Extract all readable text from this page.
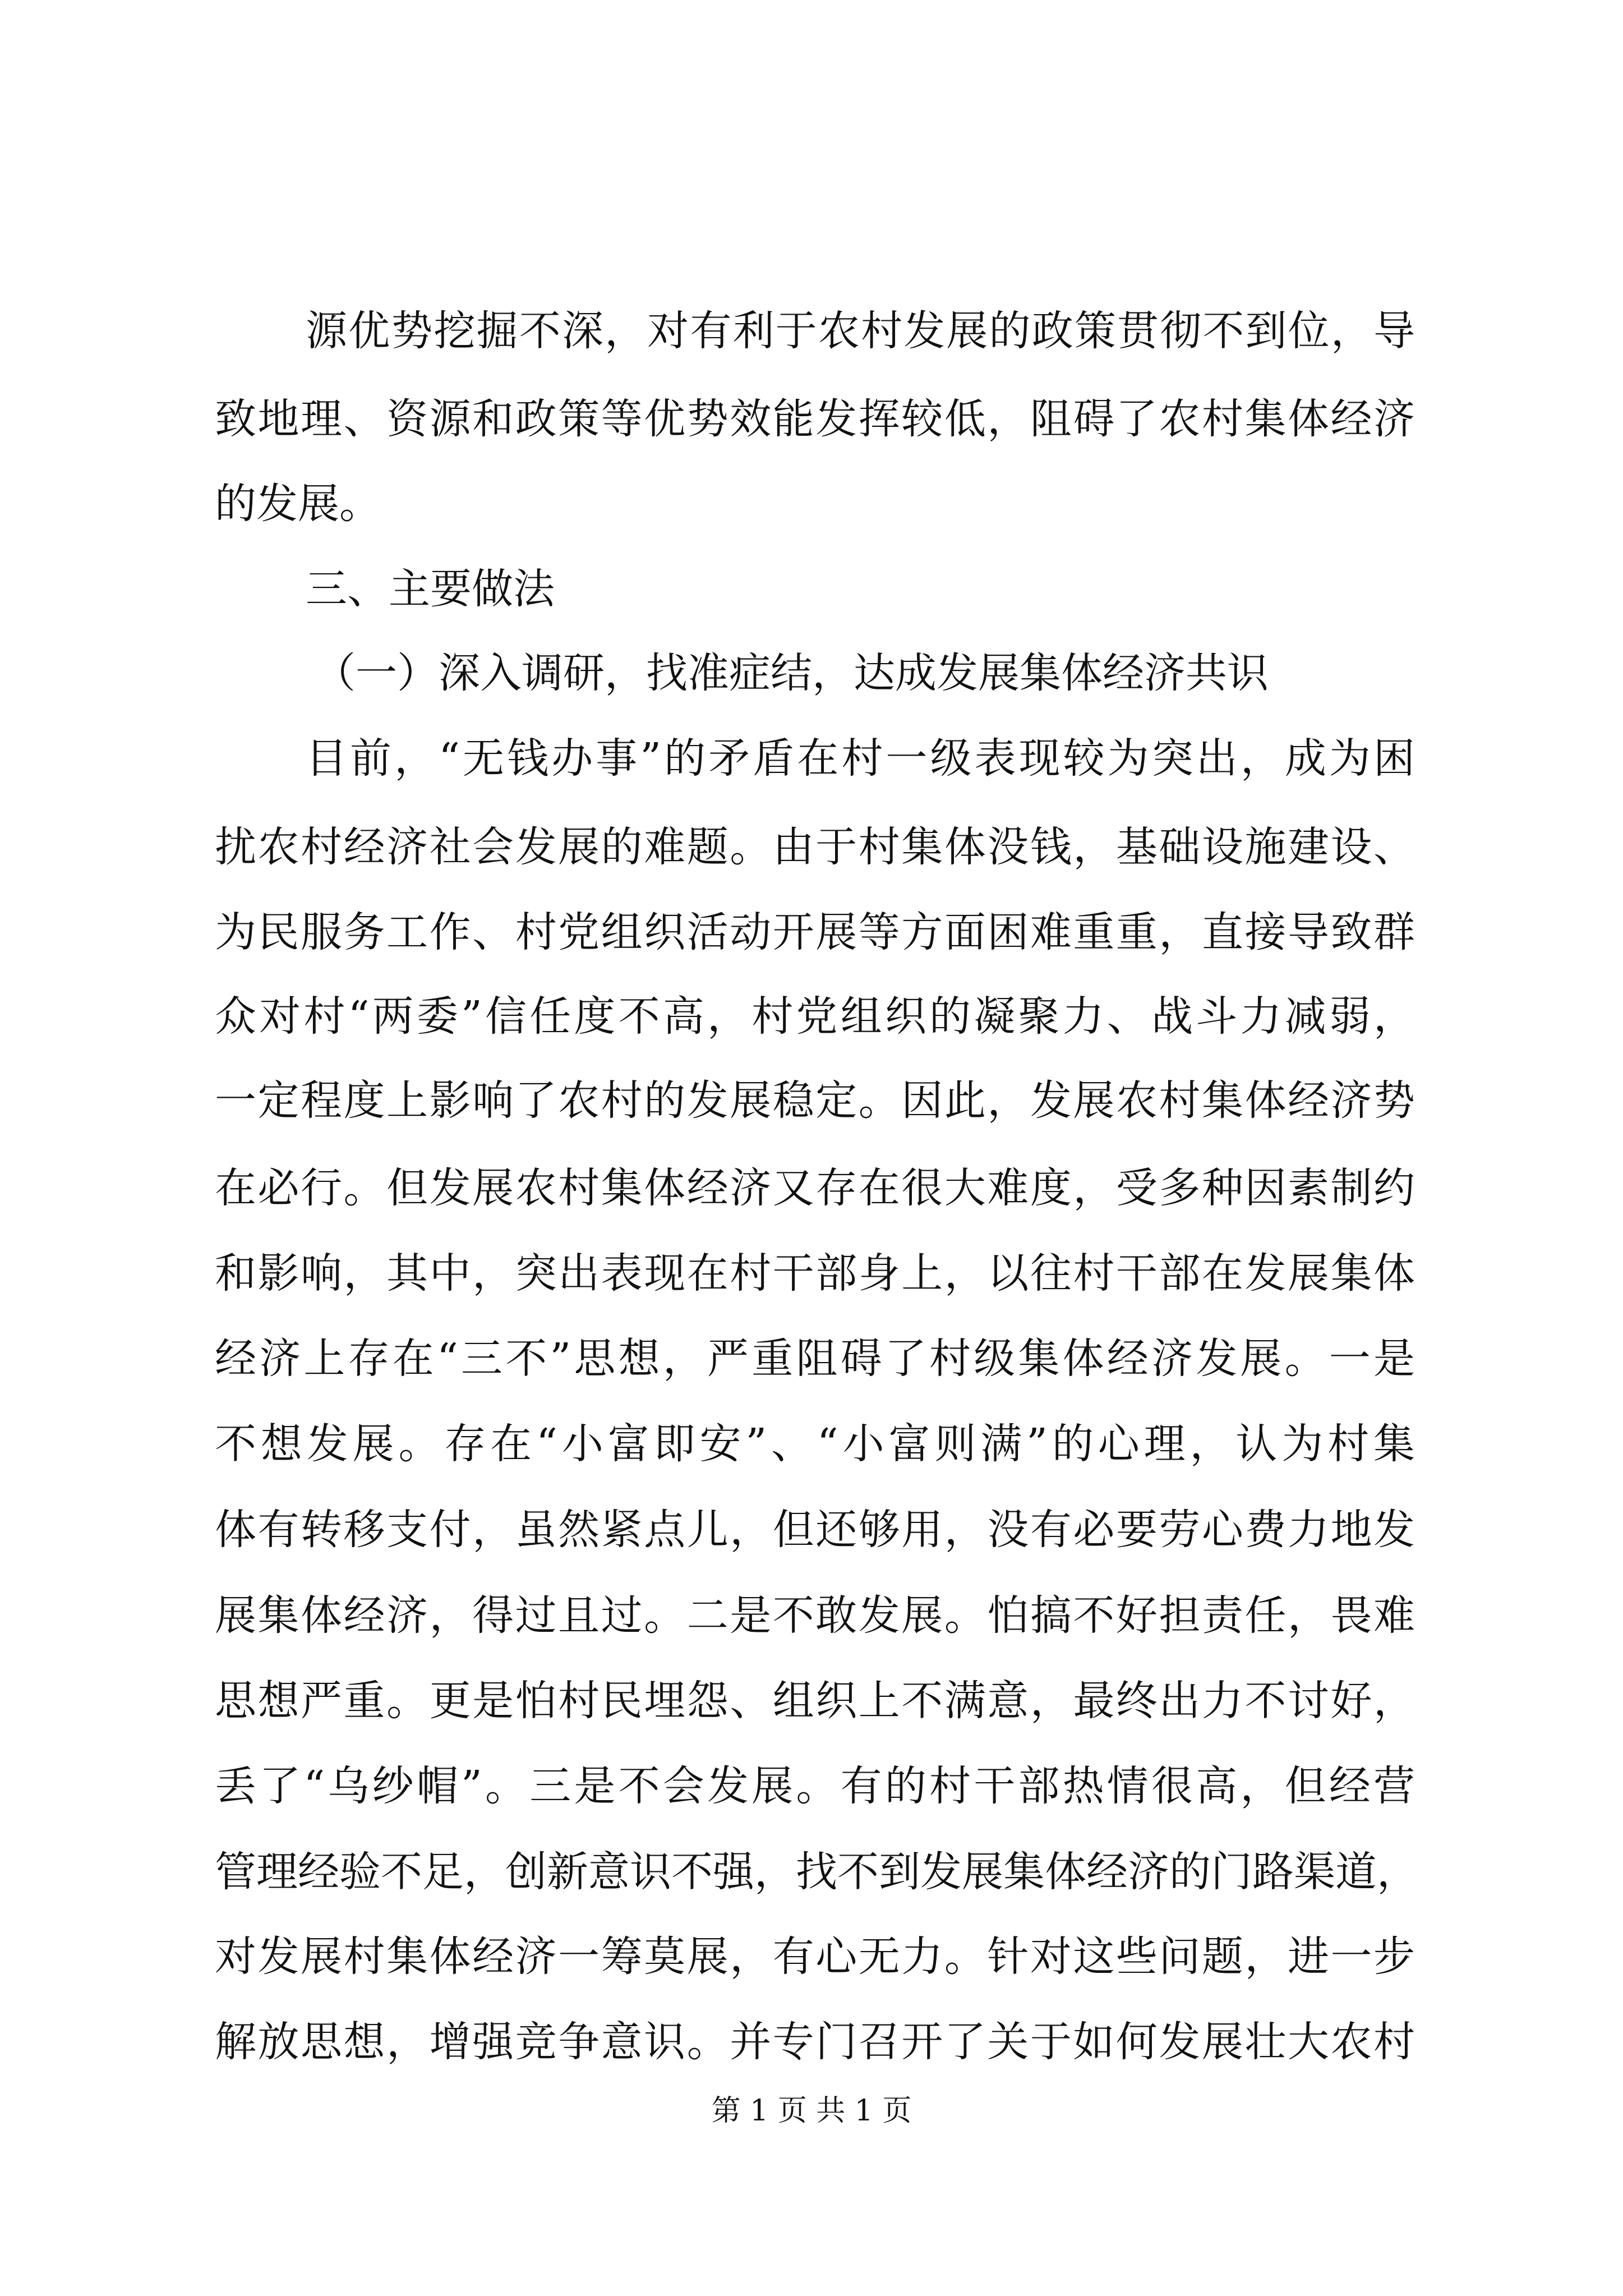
源优势挖掘不深，对有利于农村发展的政策贯彻不到位，导
致地理、资源和政策等优势效能发挥较低，阻碍了农村集体经济
的发展。
三、主要做法
（一）深入调研，找准症结，达成发展集体经济共识
目前，“无钱办事”的矛盾在村一级表现较为突出，成为困
扰农村经济社会发展的难题。由于村集体没钱，基础设施建设、
为民服务工作、村党组织活动开展等方面困难重重，直接导致群
众对村“两委”信任度不高，村党组织的凝聚力、战斗力减弱，
一定程度上影响了农村的发展稳定。因此，发展农村集体经济势
在必行。但发展农村集体经济又存在很大难度，受多种因素制约
和影响，其中，突出表现在村干部身上，以往村干部在发展集体
经济上存在“三不”思想，严重阻碍了村级集体经济发展。一是
不想发展。存在“小富即安”、“小富则满”的心理，认为村集
体有转移支付，虽然紧点儿，但还够用，没有必要劳心费力地发
展集体经济，得过且过。二是不敢发展。怕搞不好担责任，畏难
思想严重。更是怕村民埋怨、组织上不满意，最终出力不讨好，
丢了“乌纱帽”。三是不会发展。有的村干部热情很高，但经营
管理经验不足，创新意识不强，找不到发展集体经济的门路渠道，
对发展村集体经济一筹莫展，有心无力。针对这些问题，进一步
解放思想，增强竞争意识。并专门召开了关于如何发展壮大农村
第 1 页 共 1 页
